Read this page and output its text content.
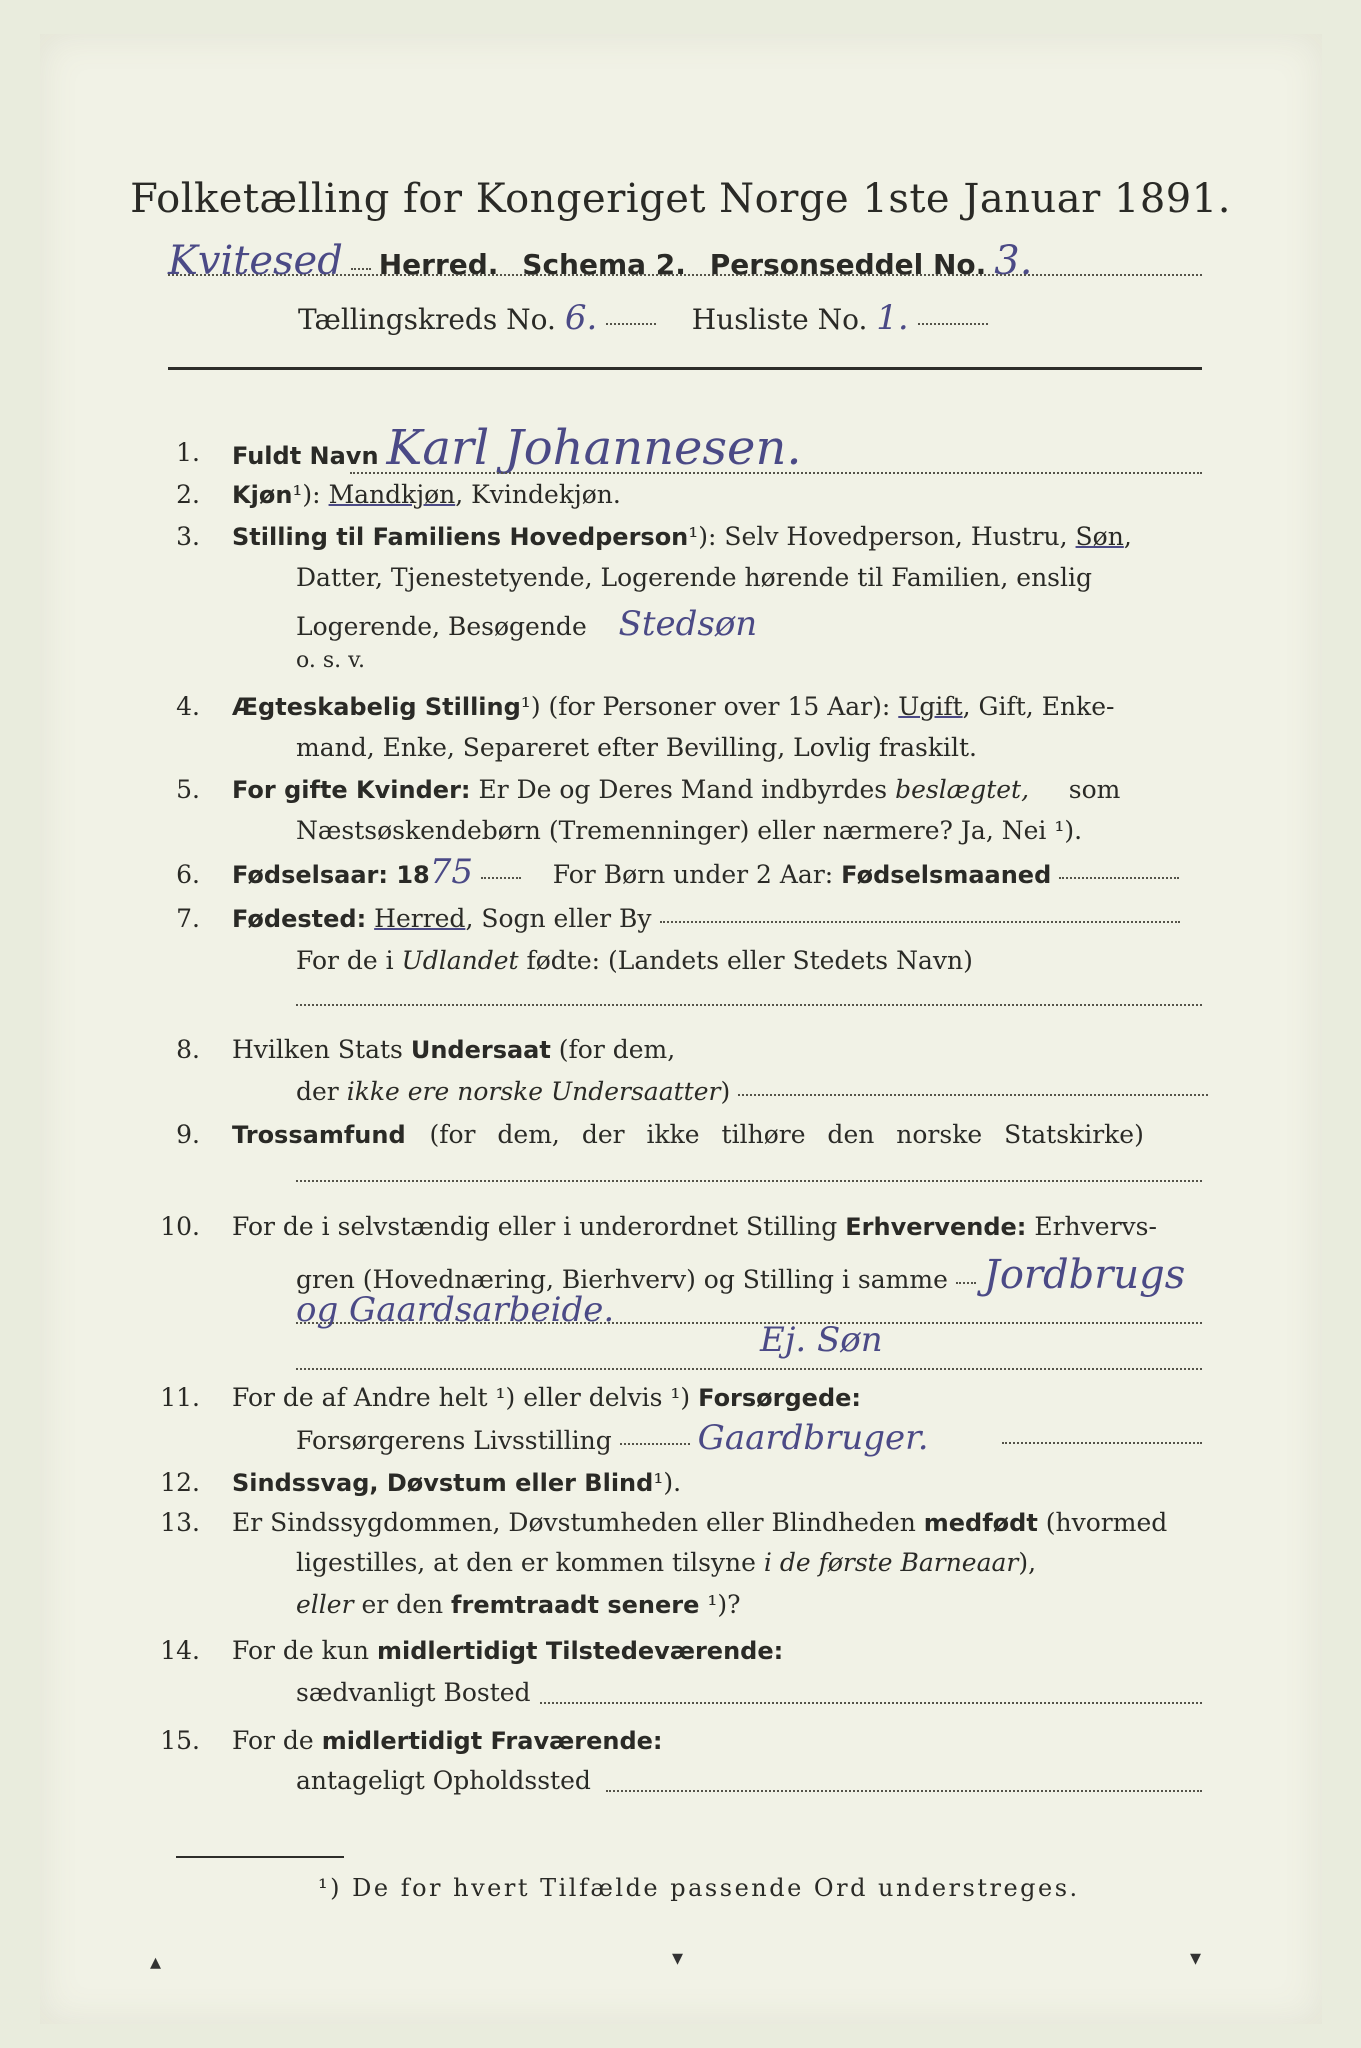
Folketælling for Kongeriget Norge 1ste Januar 1891.
Kvitesed Herred. Schema 2. Personseddel No. 3.
Tællingskreds No. 6.	Husliste No. 1.
1. Fuldt Navn Karl Johannesen.
2. Kjøn¹): Mandkjøn, Kvindekjøn.
3. Stilling til Familiens Hovedperson¹): Selv Hovedperson, Hustru, Søn,
Datter, Tjenestetyende, Logerende hørende til Familien, enslig
Logerende, Besøgende Stedsøn
o. s. v.
4. Ægteskabelig Stilling¹) (for Personer over 15 Aar): Ugift, Gift, Enke-
mand, Enke, Separeret efter Bevilling, Lovlig fraskilt.
5. For gifte Kvinder: Er De og Deres Mand indbyrdes beslægtet, som
Næstsøskendebørn (Tremenninger) eller nærmere? Ja, Nei ¹).
6. Fødselsaar: 1875	For Børn under 2 Aar: Fødselsmaaned
7. Fødested: Herred, Sogn eller By
For de i Udlandet fødte: (Landets eller Stedets Navn)
8. Hvilken Stats Undersaat (for dem,
der ikke ere norske Undersaatter)
9. Trossamfund (for dem, der ikke tilhøre den norske Statskirke)
10. For de i selvstændig eller i underordnet Stilling Erhvervende: Erhvervs-
gren (Hovednæring, Bierhverv) og Stilling i samme Jordbrugs
og Gaardsarbeide.
Ej. Søn
11. For de af Andre helt ¹) eller delvis ¹) Forsørgede:
Forsørgerens Livsstilling	Gaardbruger.
12. Sindssvag, Døvstum eller Blind¹).
13. Er Sindssygdommen, Døvstumheden eller Blindheden medfødt (hvormed
ligestilles, at den er kommen tilsyne i de første Barneaar),
eller er den fremtraadt senere ¹)?
14. For de kun midlertidigt Tilstedeværende:
sædvanligt Bosted
15. For de midlertidigt Fraværende:
antageligt Opholdssted
¹) De for hvert Tilfælde passende Ord understreges.
▴	▾	▾
